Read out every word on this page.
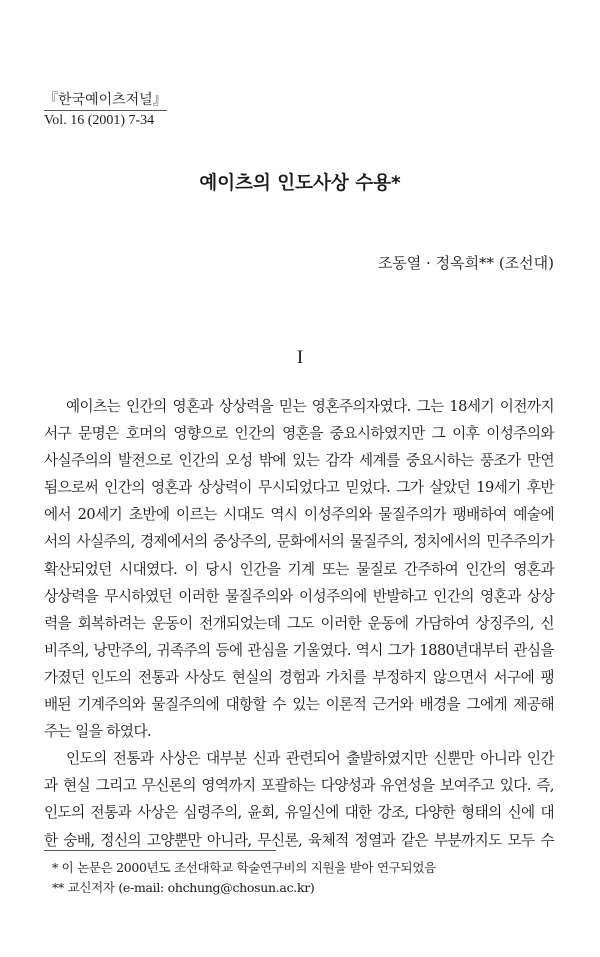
『한국예이츠저널』
Vol. 16 (2001) 7-34
예이츠의 인도사상 수용*
조동열 · 정옥희** (조선대)
I
예이츠는 인간의 영혼과 상상력을 믿는 영혼주의자였다. 그는 18세기 이전까지
서구 문명은 호머의 영향으로 인간의 영혼을 중요시하였지만 그 이후 이성주의와
사실주의의 발전으로 인간의 오성 밖에 있는 감각 세계를 중요시하는 풍조가 만연
됨으로써 인간의 영혼과 상상력이 무시되었다고 믿었다. 그가 살았던 19세기 후반
에서 20세기 초반에 이르는 시대도 역시 이성주의와 물질주의가 팽배하여 예술에
서의 사실주의, 경제에서의 중상주의, 문화에서의 물질주의, 정치에서의 민주주의가
확산되었던 시대였다. 이 당시 인간을 기계 또는 물질로 간주하여 인간의 영혼과
상상력을 무시하였던 이러한 물질주의와 이성주의에 반발하고 인간의 영혼과 상상
력을 회복하려는 운동이 전개되었는데 그도 이러한 운동에 가담하여 상징주의, 신
비주의, 낭만주의, 귀족주의 등에 관심을 기울였다. 역시 그가 1880년대부터 관심을
가졌던 인도의 전통과 사상도 현실의 경험과 가치를 부정하지 않으면서 서구에 팽
배된 기계주의와 물질주의에 대항할 수 있는 이론적 근거와 배경을 그에게 제공해
주는 일을 하였다.
인도의 전통과 사상은 대부분 신과 관련되어 출발하였지만 신뿐만 아니라 인간
과 현실 그리고 무신론의 영역까지 포괄하는 다양성과 유연성을 보여주고 있다. 즉,
인도의 전통과 사상은 심령주의, 윤회, 유일신에 대한 강조, 다양한 형태의 신에 대
한 숭배, 정신의 고양뿐만 아니라, 무신론, 육체적 정열과 같은 부분까지도 모두 수
* 이 논문은 2000년도 조선대학교 학술연구비의 지원을 받아 연구되었음
** 교신저자 (e-mail: ohchung@chosun.ac.kr)
